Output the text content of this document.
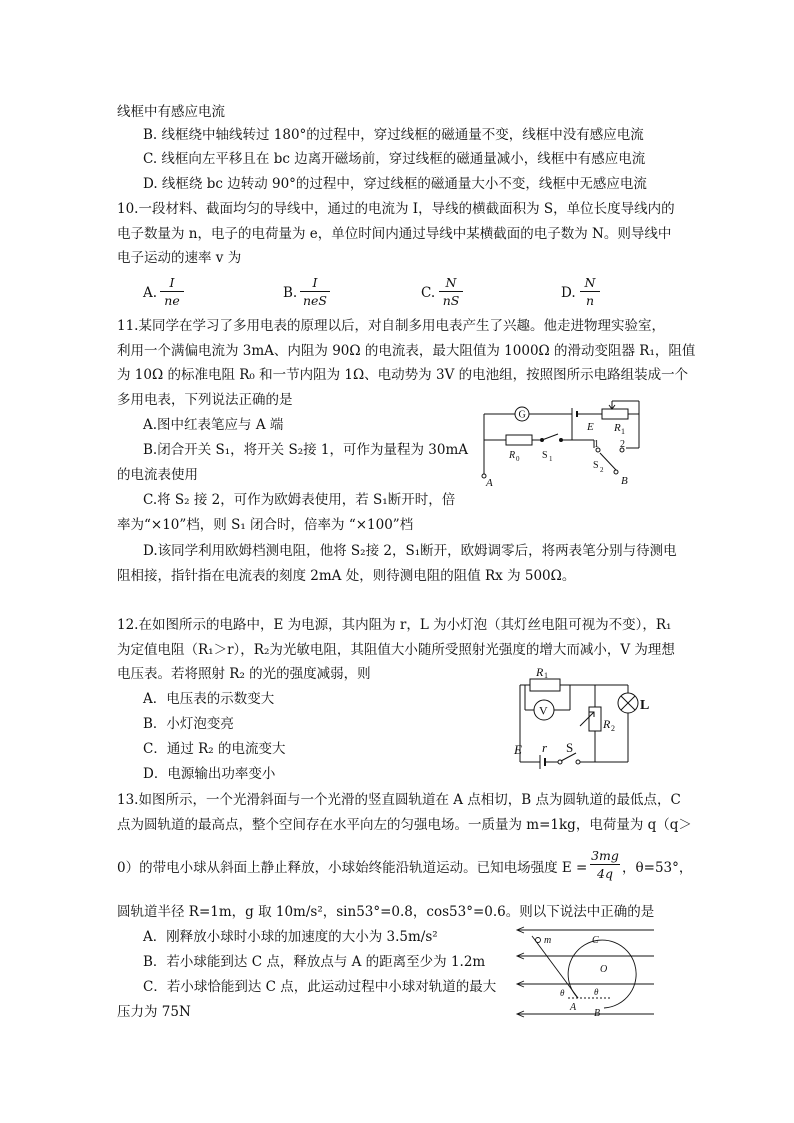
线框中有感应电流
B. 线框绕中轴线转过 180°的过程中，穿过线框的磁通量不变，线框中没有感应电流
C. 线框向左平移且在 bc 边离开磁场前，穿过线框的磁通量减小，线框中有感应电流
D. 线框绕 bc 边转动 90°的过程中，穿过线框的磁通量大小不变，线框中无感应电流
10.一段材料、截面均匀的导线中，通过的电流为 I，导线的横截面积为 S，单位长度导线内的
电子数量为 n，电子的电荷量为 e，单位时间内通过导线中某横截面的电子数为 N。则导线中
电子运动的速率 v 为
A.
I
ne	B.
I
neS	C.
N
nS	D.
N
n
11.某同学在学习了多用电表的原理以后，对自制多用电表产生了兴趣。他走进物理实验室，
利用一个满偏电流为 3mA、内阻为 90Ω 的电流表，最大阻值为 1000Ω 的滑动变阻器 R₁，阻值
为 10Ω 的标准电阻 R₀ 和一节内阻为 1Ω、电动势为 3V 的电池组，按照图所示电路组装成一个
多用电表，下列说法正确的是
A.图中红表笔应与 A 端
B.闭合开关 S₁，将开关 S₂接 1，可作为量程为 30mA
的电流表使用
C.将 S₂ 接 2，可作为欧姆表使用，若 S₁断开时，倍
率为“×10”档，则 S₁ 闭合时，倍率为 “×100”档
D.该同学利用欧姆档测电阻，他将 S₂接 2，S₁断开，欧姆调零后，将两表笔分别与待测电
阻相接，指针指在电流表的刻度 2mA 处，则待测电阻的阻值 Rx 为 500Ω。
G
E R 1
2
R 0 S 1
1
S 2
B
A
12.在如图所示的电路中，E 为电源，其内阻为 r，L 为小灯泡（其灯丝电阻可视为不变），R₁
为定值电阻（R₁＞r），R₂为光敏电阻，其阻值大小随所受照射光强度的增大而减小，V 为理想
电压表。若将照射 R₂ 的光的强度减弱，则
A．电压表的示数变大
B．小灯泡变亮
C．通过 R₂ 的电流变大
D．电源输出功率变小
R 1
V
R 2
L
E r S
13.如图所示，一个光滑斜面与一个光滑的竖直圆轨道在 A 点相切，B 点为圆轨道的最低点，C
点为圆轨道的最高点，整个空间存在水平向左的匀强电场。一质量为 m=1kg，电荷量为 q（q＞
0）的带电小球从斜面上静止释放，小球始终能沿轨道运动。已知电场强度 E =
3mg
4q ，θ=53°，
圆轨道半径 R=1m，g 取 10m/s²，sin53°=0.8，cos53°=0.6。则以下说法中正确的是
A．刚释放小球时小球的加速度的大小为 3.5m/s²
B．若小球能到达 C 点，释放点与 A 的距离至少为 1.2m
C．若小球恰能到达 C 点，此运动过程中小球对轨道的最大
压力为 75N
m	C
O
θ	θ
A
B
